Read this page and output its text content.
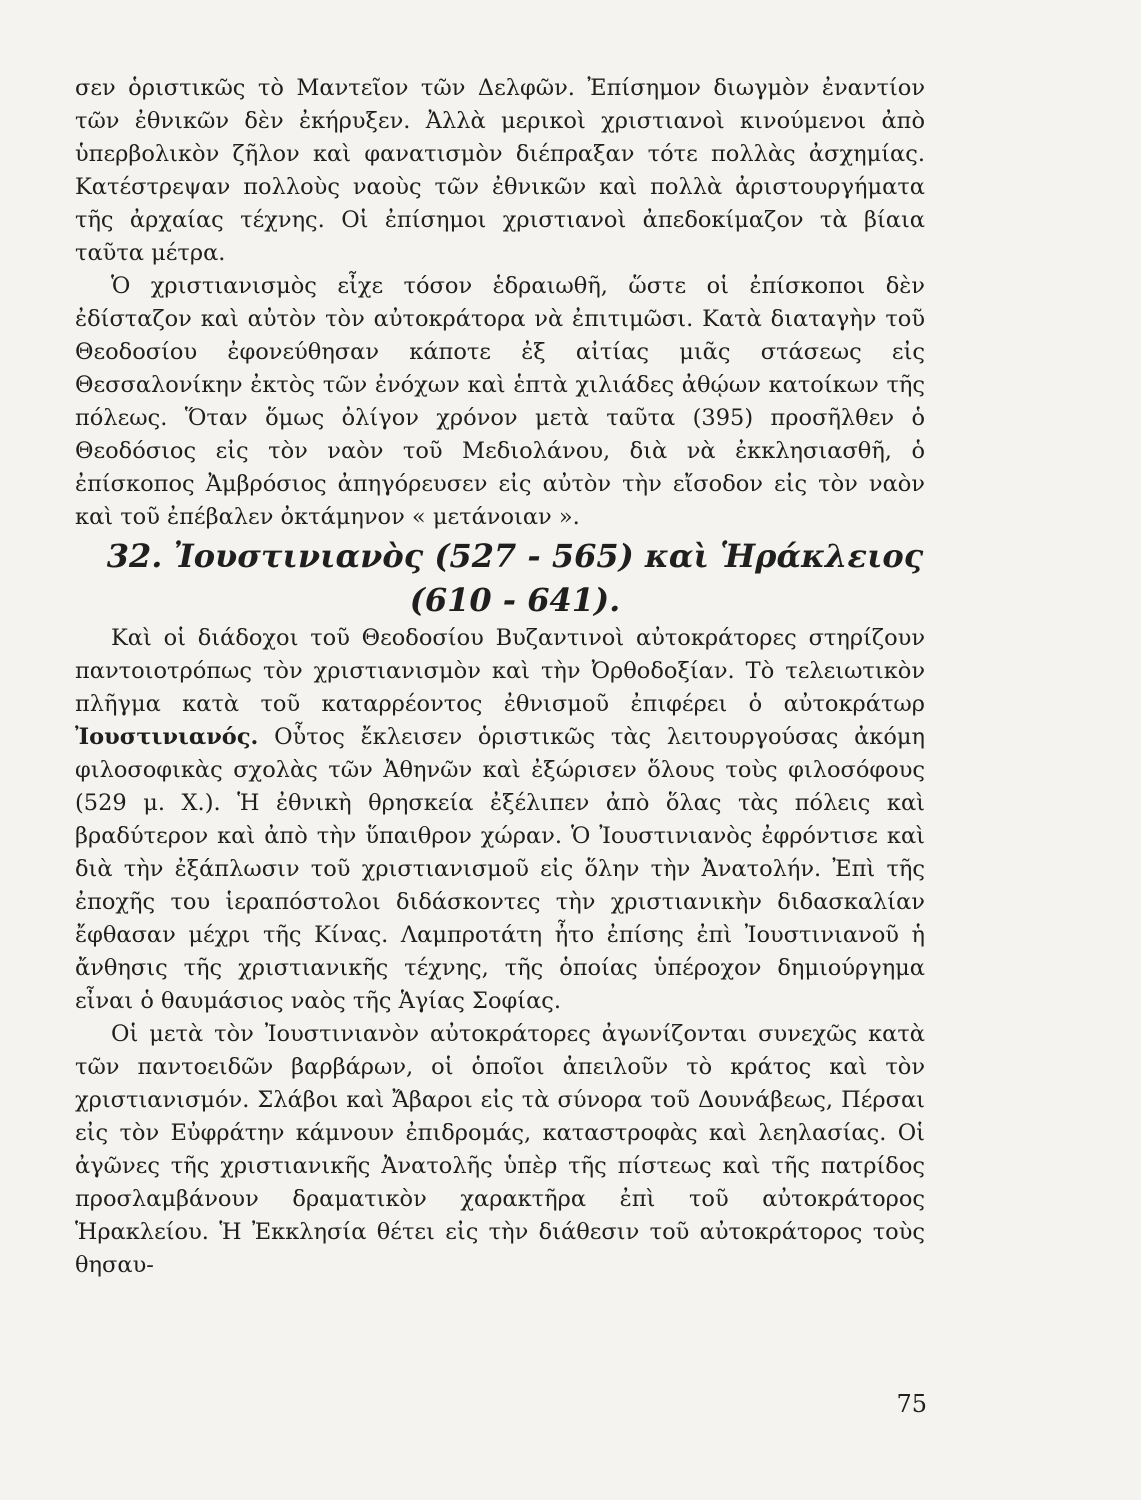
σεν ὁριστικῶς τὸ Μαντεῖον τῶν Δελφῶν. Ἐπίσημον διωγμὸν ἐναντίον τῶν ἐθνικῶν δὲν ἐκήρυξεν. Ἀλλὰ μερικοὶ χριστιανοὶ κινούμενοι ἀπὸ ὑπερβολικὸν ζῆλον καὶ φανατισμὸν διέπραξαν τότε πολλὰς ἀσχημίας. Κατέστρεψαν πολλοὺς ναοὺς τῶν ἐθνικῶν καὶ πολλὰ ἀριστουργήματα τῆς ἀρχαίας τέχνης. Οἱ ἐπίσημοι χριστιανοὶ ἀπεδοκίμαζον τὰ βίαια ταῦτα μέτρα.

Ὁ χριστιανισμὸς εἶχε τόσον ἑδραιωθῆ, ὥστε οἱ ἐπίσκοποι δὲν ἐδίσταζον καὶ αὐτὸν τὸν αὐτοκράτορα νὰ ἐπιτιμῶσι. Κατὰ διαταγὴν τοῦ Θεοδοσίου ἐφονεύθησαν κάποτε ἐξ αἰτίας μιᾶς στάσεως εἰς Θεσσαλονίκην ἐκτὸς τῶν ἐνόχων καὶ ἑπτὰ χιλιάδες ἀθῴων κατοίκων τῆς πόλεως. Ὅταν ὅμως ὀλίγον χρόνον μετὰ ταῦτα (395) προσῆλθεν ὁ Θεοδόσιος εἰς τὸν ναὸν τοῦ Μεδιολάνου, διὰ νὰ ἐκκλησιασθῆ, ὁ ἐπίσκοπος Ἀμβρόσιος ἀπηγόρευσεν εἰς αὐτὸν τὴν εἴσοδον εἰς τὸν ναὸν καὶ τοῦ ἐπέβαλεν ὀκτάμηνον « μετάνοιαν ».

32. Ἰουστινιανὸς (527 - 565) καὶ Ἡράκλειος (610 - 641).

Καὶ οἱ διάδοχοι τοῦ Θεοδοσίου Βυζαντινοὶ αὐτοκράτορες στηρίζουν παντοιοτρόπως τὸν χριστιανισμὸν καὶ τὴν Ὀρθοδοξίαν. Τὸ τελειωτικὸν πλῆγμα κατὰ τοῦ καταρρέοντος ἐθνισμοῦ ἐπιφέρει ὁ αὐτοκράτωρ Ἰουστινιανός. Οὗτος ἔκλεισεν ὁριστικῶς τὰς λειτουργούσας ἀκόμη φιλοσοφικὰς σχολὰς τῶν Ἀθηνῶν καὶ ἐξώρισεν ὅλους τοὺς φιλοσόφους (529 μ. Χ.). Ἡ ἐθνικὴ θρησκεία ἐξέλιπεν ἀπὸ ὅλας τὰς πόλεις καὶ βραδύτερον καὶ ἀπὸ τὴν ὕπαιθρον χώραν. Ὁ Ἰουστινιανὸς ἐφρόντισε καὶ διὰ τὴν ἐξάπλωσιν τοῦ χριστιανισμοῦ εἰς ὅλην τὴν Ἀνατολήν. Ἐπὶ τῆς ἐποχῆς του ἱεραπόστολοι διδάσκοντες τὴν χριστιανικὴν διδασκαλίαν ἔφθασαν μέχρι τῆς Κίνας. Λαμπροτάτη ἦτο ἐπίσης ἐπὶ Ἰουστινιανοῦ ἡ ἄνθησις τῆς χριστιανικῆς τέχνης, τῆς ὁποίας ὑπέροχον δημιούργημα εἶναι ὁ θαυμάσιος ναὸς τῆς Ἁγίας Σοφίας.

Οἱ μετὰ τὸν Ἰουστινιανὸν αὐτοκράτορες ἀγωνίζονται συνεχῶς κατὰ τῶν παντοειδῶν βαρβάρων, οἱ ὁποῖοι ἀπειλοῦν τὸ κράτος καὶ τὸν χριστιανισμόν. Σλάβοι καὶ Ἄβαροι εἰς τὰ σύνορα τοῦ Δουνάβεως, Πέρσαι εἰς τὸν Εὐφράτην κάμνουν ἐπιδρομάς, καταστροφὰς καὶ λεηλασίας. Οἱ ἀγῶνες τῆς χριστιανικῆς Ἀνατολῆς ὑπὲρ τῆς πίστεως καὶ τῆς πατρίδος προσλαμβάνουν δραματικὸν χαρακτῆρα ἐπὶ τοῦ αὐτοκράτορος Ἡρακλείου. Ἡ Ἐκκλησία θέτει εἰς τὴν διάθεσιν τοῦ αὐτοκράτορος τοὺς θησαυ-

75
